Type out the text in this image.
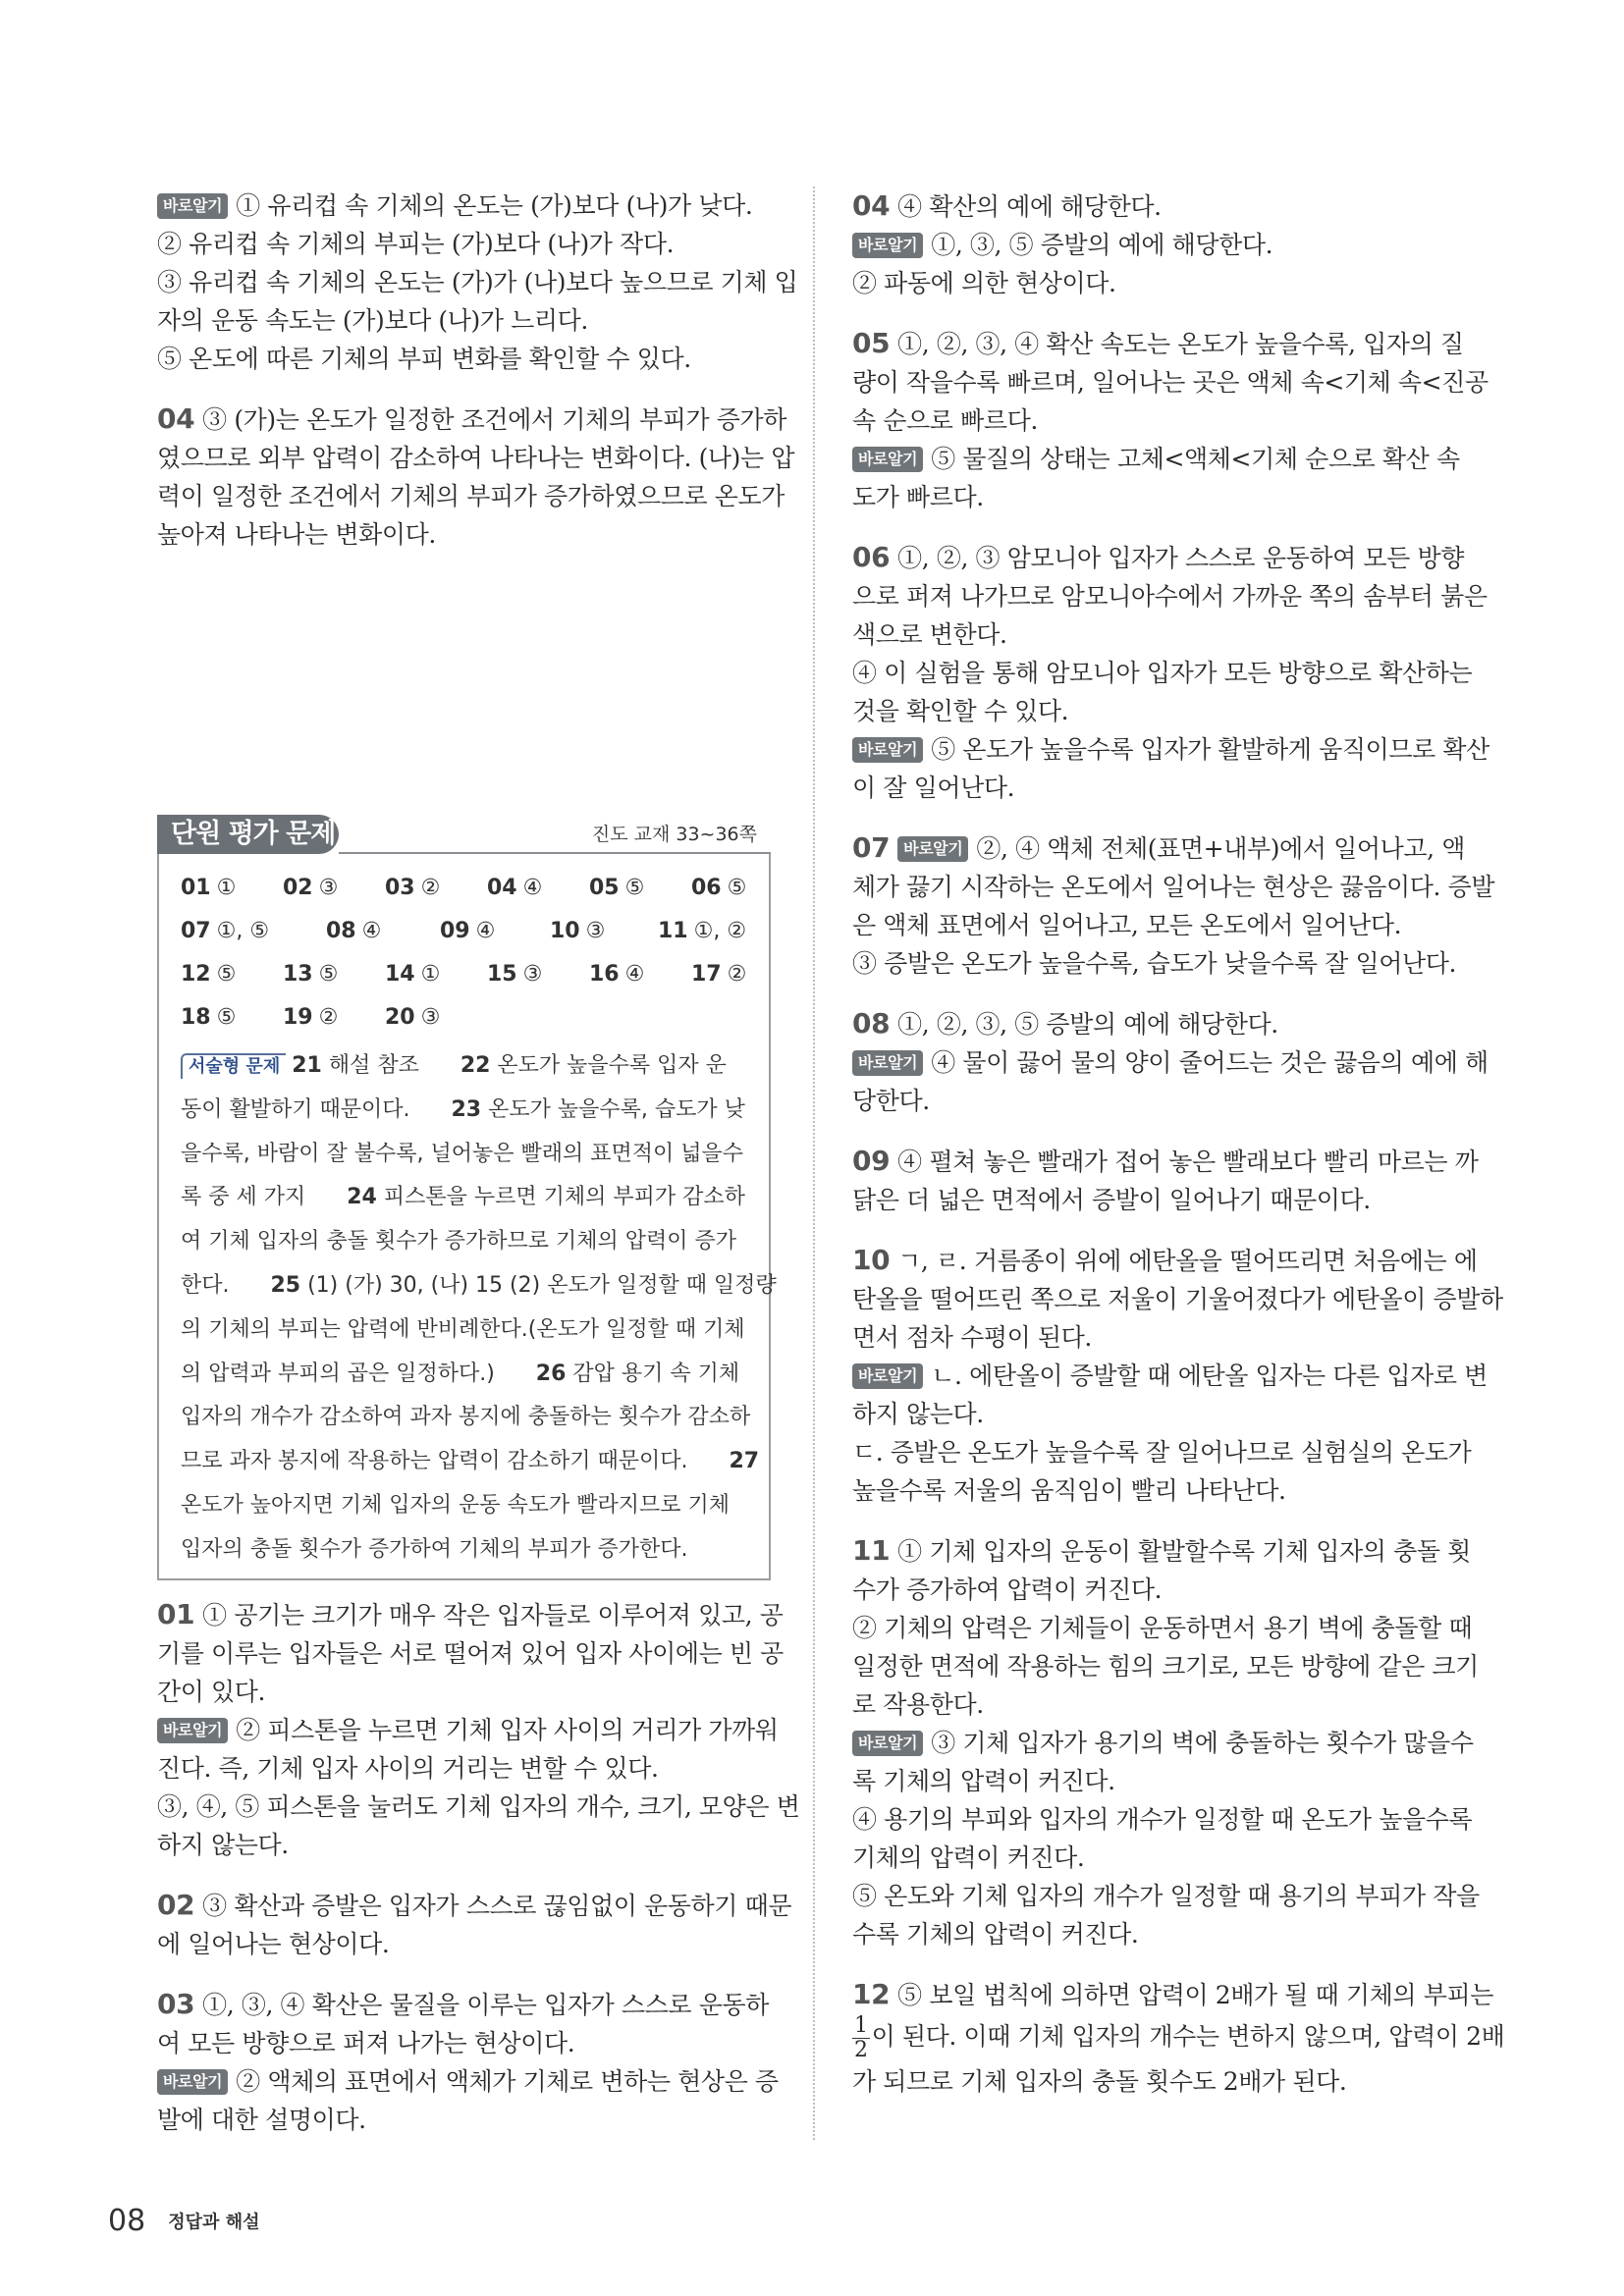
바로알기 ① 유리컵 속 기체의 온도는 (가)보다 (나)가 낮다.
② 유리컵 속 기체의 부피는 (가)보다 (나)가 작다.
③ 유리컵 속 기체의 온도는 (가)가 (나)보다 높으므로 기체 입
자의 운동 속도는 (가)보다 (나)가 느리다.
⑤ 온도에 따른 기체의 부피 변화를 확인할 수 있다.
04 ③ (가)는 온도가 일정한 조건에서 기체의 부피가 증가하
였으므로 외부 압력이 감소하여 나타나는 변화이다. (나)는 압
력이 일정한 조건에서 기체의 부피가 증가하였으므로 온도가
높아져 나타나는 변화이다.
단원 평가 문제	진도 교재 33~36쪽
01 ① 02 ③ 03 ② 04 ④ 05 ⑤ 06 ⑤
07 ①, ⑤	08 ④	09 ④	10 ③ 11 ①, ②
12 ⑤ 13 ⑤ 14 ① 15 ③ 16 ④ 17 ②
18 ⑤ 19 ② 20 ③
서술형 문제 21 해설 참조      22 온도가 높을수록 입자 운
동이 활발하기 때문이다.      23 온도가 높을수록, 습도가 낮
을수록, 바람이 잘 불수록, 널어놓은 빨래의 표면적이 넓을수
록 중 세 가지      24 피스톤을 누르면 기체의 부피가 감소하
여 기체 입자의 충돌 횟수가 증가하므로 기체의 압력이 증가
한다.      25 (1) (가) 30, (나) 15 (2) 온도가 일정할 때 일정량
의 기체의 부피는 압력에 반비례한다.(온도가 일정할 때 기체
의 압력과 부피의 곱은 일정하다.)      26 감압 용기 속 기체
입자의 개수가 감소하여 과자 봉지에 충돌하는 횟수가 감소하
므로 과자 봉지에 작용하는 압력이 감소하기 때문이다.      27
온도가 높아지면 기체 입자의 운동 속도가 빨라지므로 기체
입자의 충돌 횟수가 증가하여 기체의 부피가 증가한다.
01 ① 공기는 크기가 매우 작은 입자들로 이루어져 있고, 공
기를 이루는 입자들은 서로 떨어져 있어 입자 사이에는 빈 공
간이 있다.
바로알기 ② 피스톤을 누르면 기체 입자 사이의 거리가 가까워
진다. 즉, 기체 입자 사이의 거리는 변할 수 있다.
③, ④, ⑤ 피스톤을 눌러도 기체 입자의 개수, 크기, 모양은 변
하지 않는다.
02 ③ 확산과 증발은 입자가 스스로 끊임없이 운동하기 때문
에 일어나는 현상이다.
03 ①, ③, ④ 확산은 물질을 이루는 입자가 스스로 운동하
여 모든 방향으로 퍼져 나가는 현상이다.
바로알기 ② 액체의 표면에서 액체가 기체로 변하는 현상은 증
발에 대한 설명이다.
04 ④ 확산의 예에 해당한다.
바로알기 ①, ③, ⑤ 증발의 예에 해당한다.
② 파동에 의한 현상이다.
05 ①, ②, ③, ④ 확산 속도는 온도가 높을수록, 입자의 질
량이 작을수록 빠르며, 일어나는 곳은 액체 속<기체 속<진공
속 순으로 빠르다.
바로알기 ⑤ 물질의 상태는 고체<액체<기체 순으로 확산 속
도가 빠르다.
06 ①, ②, ③ 암모니아 입자가 스스로 운동하여 모든 방향
으로 퍼져 나가므로 암모니아수에서 가까운 쪽의 솜부터 붉은
색으로 변한다.
④ 이 실험을 통해 암모니아 입자가 모든 방향으로 확산하는
것을 확인할 수 있다.
바로알기 ⑤ 온도가 높을수록 입자가 활발하게 움직이므로 확산
이 잘 일어난다.
07 바로알기 ②, ④ 액체 전체(표면+내부)에서 일어나고, 액
체가 끓기 시작하는 온도에서 일어나는 현상은 끓음이다. 증발
은 액체 표면에서 일어나고, 모든 온도에서 일어난다.
③ 증발은 온도가 높을수록, 습도가 낮을수록 잘 일어난다.
08 ①, ②, ③, ⑤ 증발의 예에 해당한다.
바로알기 ④ 물이 끓어 물의 양이 줄어드는 것은 끓음의 예에 해
당한다.
09 ④ 펼쳐 놓은 빨래가 접어 놓은 빨래보다 빨리 마르는 까
닭은 더 넓은 면적에서 증발이 일어나기 때문이다.
10 ㄱ, ㄹ. 거름종이 위에 에탄올을 떨어뜨리면 처음에는 에
탄올을 떨어뜨린 쪽으로 저울이 기울어졌다가 에탄올이 증발하
면서 점차 수평이 된다.
바로알기 ㄴ. 에탄올이 증발할 때 에탄올 입자는 다른 입자로 변
하지 않는다.
ㄷ. 증발은 온도가 높을수록 잘 일어나므로 실험실의 온도가
높을수록 저울의 움직임이 빨리 나타난다.
11 ① 기체 입자의 운동이 활발할수록 기체 입자의 충돌 횟
수가 증가하여 압력이 커진다.
② 기체의 압력은 기체들이 운동하면서 용기 벽에 충돌할 때
일정한 면적에 작용하는 힘의 크기로, 모든 방향에 같은 크기
로 작용한다.
바로알기 ③ 기체 입자가 용기의 벽에 충돌하는 횟수가 많을수
록 기체의 압력이 커진다.
④ 용기의 부피와 입자의 개수가 일정할 때 온도가 높을수록
기체의 압력이 커진다.
⑤ 온도와 기체 입자의 개수가 일정할 때 용기의 부피가 작을
수록 기체의 압력이 커진다.
12 ⑤ 보일 법칙에 의하면 압력이 2배가 될 때 기체의 부피는
$\frac{1}{2}$ 이 된다. 이때 기체 입자의 개수는 변하지 않으며, 압력이 2배
가 되므로 기체 입자의 충돌 횟수도 2배가 된다.
08 정답과 해설
